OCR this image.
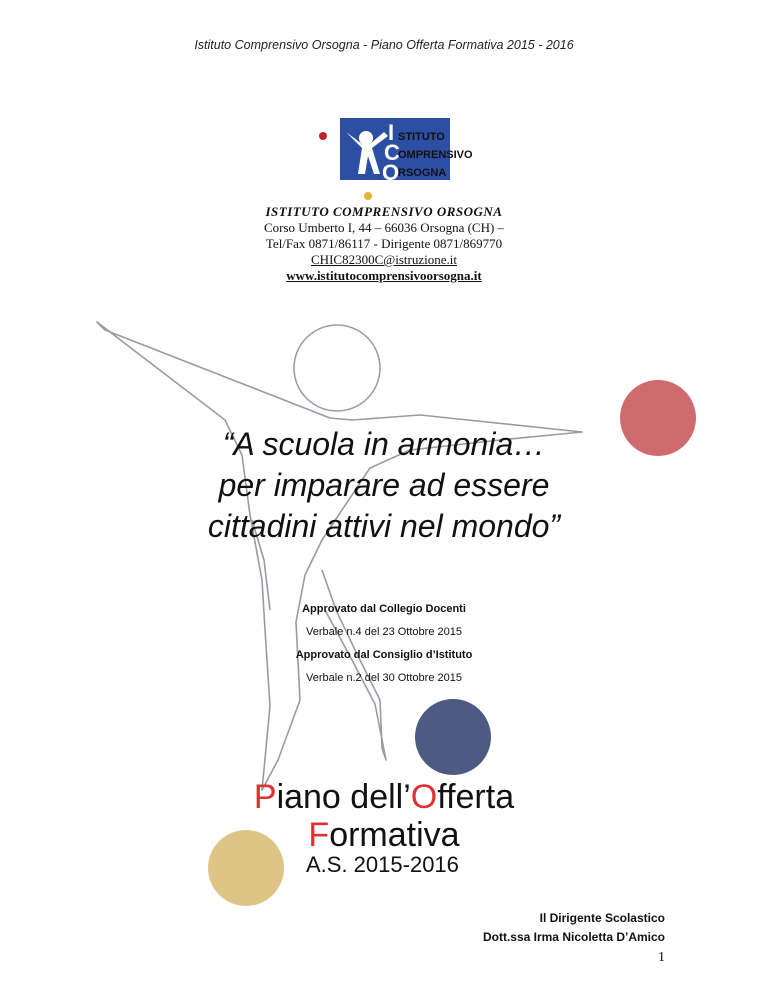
Istituto Comprensivo Orsogna - Piano Offerta Formativa 2015 - 2016
I STITUTO
C
OMPRENSIVO
O
RSOGNA
ISTITUTO COMPRENSIVO ORSOGNA
Corso Umberto I, 44 – 66036 Orsogna (CH) –
Tel/Fax 0871/86117 - Dirigente 0871/869770
CHIC82300C@istruzione.it
www.istitutocomprensivoorsogna.it
“A scuola in armonia…
per imparare ad essere
cittadini attivi nel mondo”
Approvato dal Collegio Docenti
Verbale n.4 del 23 Ottobre 2015
Approvato dal Consiglio d’Istituto
Verbale n.2 del 30 Ottobre 2015
Piano dell’Offerta
Formativa
A.S. 2015-2016
Il Dirigente Scolastico
Dott.ssa Irma Nicoletta D’Amico
1
